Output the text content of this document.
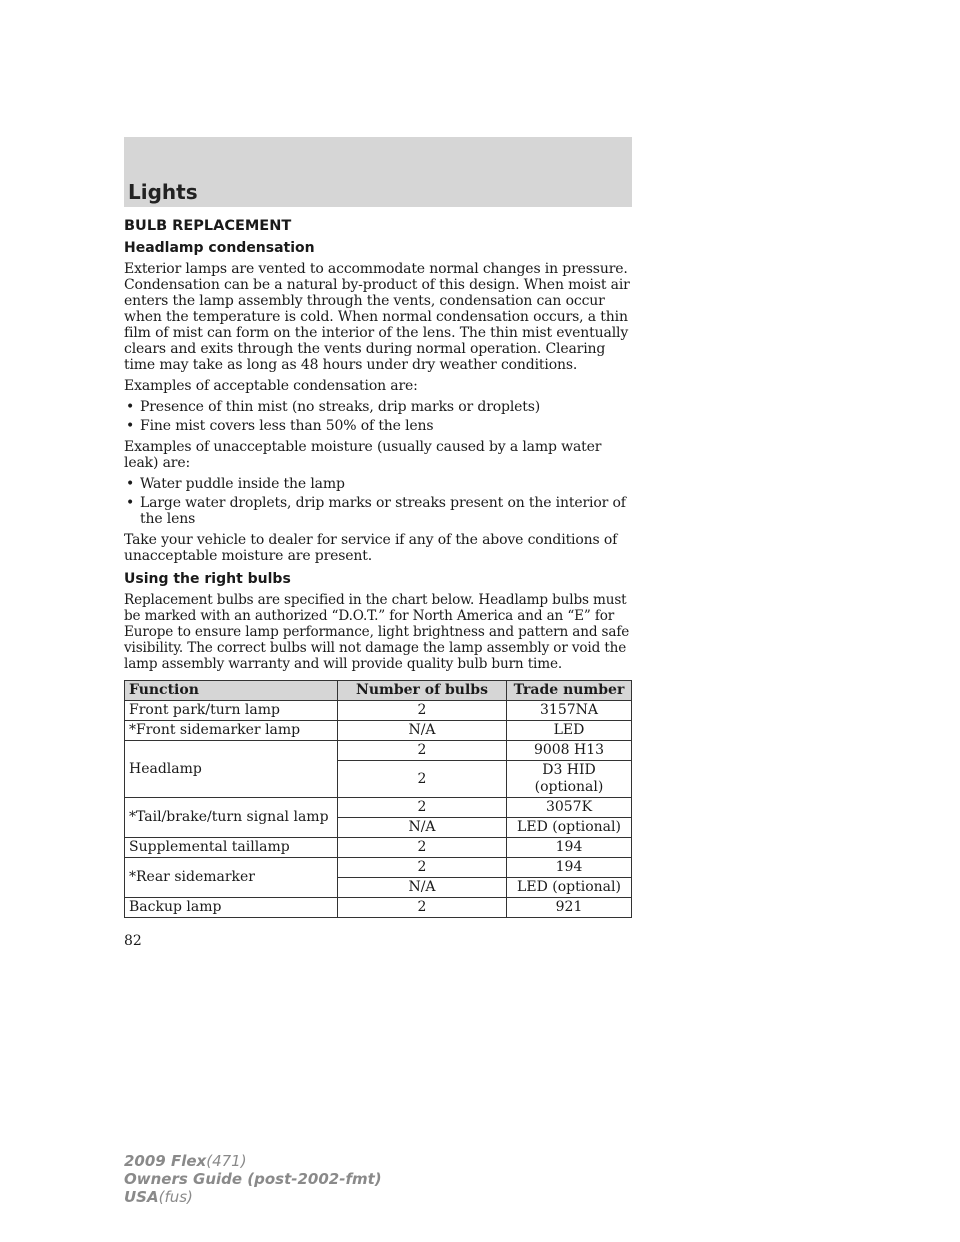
Lights
BULB REPLACEMENT
Headlamp condensation

Exterior lamps are vented to accommodate normal changes in pressure. Condensation can be a natural by-product of this design. When moist air enters the lamp assembly through the vents, condensation can occur when the temperature is cold. When normal condensation occurs, a thin film of mist can form on the interior of the lens. The thin mist eventually clears and exits through the vents during normal operation. Clearing time may take as long as 48 hours under dry weather conditions.

Examples of acceptable condensation are:

• Presence of thin mist (no streaks, drip marks or droplets)
• Fine mist covers less than 50% of the lens

Examples of unacceptable moisture (usually caused by a lamp water leak) are:

• Water puddle inside the lamp
• Large water droplets, drip marks or streaks present on the interior of the lens

Take your vehicle to dealer for service if any of the above conditions of unacceptable moisture are present.

Using the right bulbs

Replacement bulbs are specified in the chart below. Headlamp bulbs must be marked with an authorized “D.O.T.” for North America and an “E” for Europe to ensure lamp performance, light brightness and pattern and safe visibility. The correct bulbs will not damage the lamp assembly or void the lamp assembly warranty and will provide quality bulb burn time.

Function	Number of bulbs	Trade number
Front park/turn lamp	2	3157NA
*Front sidemarker lamp	N/A	LED
Headlamp	2	9008 H13
	2	D3 HID
(optional)
*Tail/brake/turn signal lamp	2	3057K
	N/A	LED (optional)
Supplemental taillamp	2	194
*Rear sidemarker	2	194
	N/A	LED (optional)
Backup lamp	2	921
82
2009 Flex(471)
Owners Guide (post-2002-fmt)
USA(fus)
